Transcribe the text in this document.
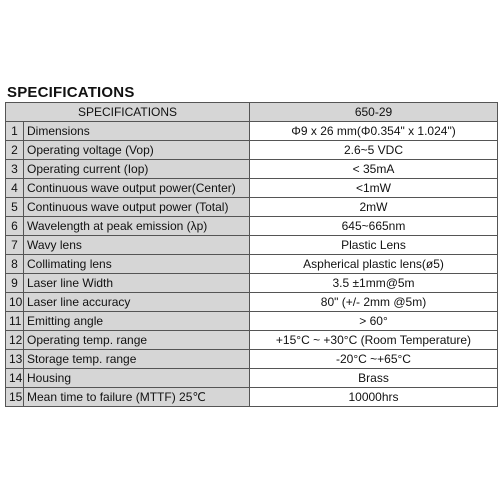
SPECIFICATIONS
SPECIFICATIONS		650-29
1	Dimensions	Φ9 x 26 mm(Φ0.354" x 1.024")
2	Operating voltage (Vop)	2.6~5 VDC
3	Operating current (Iop)	< 35mA
4	Continuous wave output power(Center)	<1mW
5	Continuous wave output power (Total)	2mW
6	Wavelength at peak emission (λp)	645~665nm
7	Wavy lens	Plastic Lens
8	Collimating lens	Aspherical plastic lens(ø5)
9	Laser line Width	3.5 ±1mm@5m
10	Laser line accuracy	80" (+/- 2mm @5m)
11	Emitting angle	> 60°
12	Operating temp. range	+15°C ~ +30°C (Room Temperature)
13	Storage temp. range	-20°C ~+65°C
14	Housing	Brass
15	Mean time to failure (MTTF) 25℃	10000hrs
